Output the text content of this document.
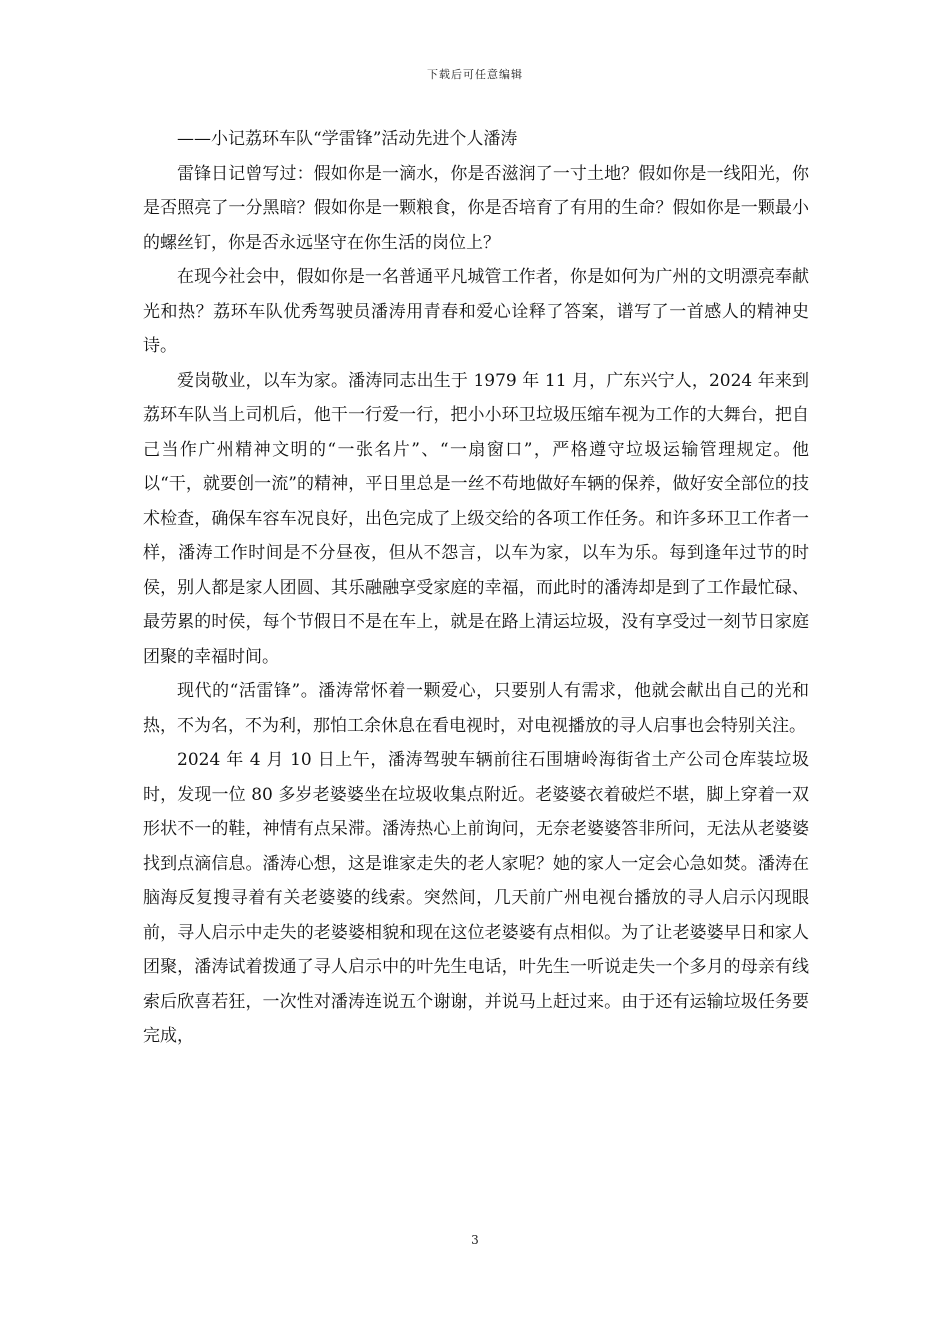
下载后可任意编辑

——小记荔环车队“学雷锋”活动先进个人潘涛

雷锋日记曾写过：假如你是一滴水，你是否滋润了一寸土地？假如你是一线阳光，你是否照亮了一分黑暗？假如你是一颗粮食，你是否培育了有用的生命？假如你是一颗最小的螺丝钉，你是否永远坚守在你生活的岗位上？

在现今社会中，假如你是一名普通平凡城管工作者，你是如何为广州的文明漂亮奉献光和热？荔环车队优秀驾驶员潘涛用青春和爱心诠释了答案，谱写了一首感人的精神史诗。

爱岗敬业，以车为家。潘涛同志出生于 1979 年 11 月，广东兴宁人，2024 年来到荔环车队当上司机后，他干一行爱一行，把小小环卫垃圾压缩车视为工作的大舞台，把自己当作广州精神文明的“一张名片”、“一扇窗口”，严格遵守垃圾运输管理规定。他以“干，就要创一流”的精神，平日里总是一丝不苟地做好车辆的保养，做好安全部位的技术检查，确保车容车况良好，出色完成了上级交给的各项工作任务。和许多环卫工作者一样，潘涛工作时间是不分昼夜，但从不怨言，以车为家，以车为乐。每到逢年过节的时侯，别人都是家人团圆、其乐融融享受家庭的幸福，而此时的潘涛却是到了工作最忙碌、最劳累的时侯，每个节假日不是在车上，就是在路上清运垃圾，没有享受过一刻节日家庭团聚的幸福时间。

现代的“活雷锋”。潘涛常怀着一颗爱心，只要别人有需求，他就会献出自己的光和热，不为名，不为利，那怕工余休息在看电视时，对电视播放的寻人启事也会特别关注。

2024 年 4 月 10 日上午，潘涛驾驶车辆前往石围塘岭海街省土产公司仓库装垃圾时，发现一位 80 多岁老婆婆坐在垃圾收集点附近。老婆婆衣着破烂不堪，脚上穿着一双形状不一的鞋，神情有点呆滞。潘涛热心上前询问，无奈老婆婆答非所问，无法从老婆婆找到点滴信息。潘涛心想，这是谁家走失的老人家呢？她的家人一定会心急如焚。潘涛在脑海反复搜寻着有关老婆婆的线索。突然间，几天前广州电视台播放的寻人启示闪现眼前，寻人启示中走失的老婆婆相貌和现在这位老婆婆有点相似。为了让老婆婆早日和家人团聚，潘涛试着拨通了寻人启示中的叶先生电话，叶先生一听说走失一个多月的母亲有线索后欣喜若狂，一次性对潘涛连说五个谢谢，并说马上赶过来。由于还有运输垃圾任务要完成，

3
